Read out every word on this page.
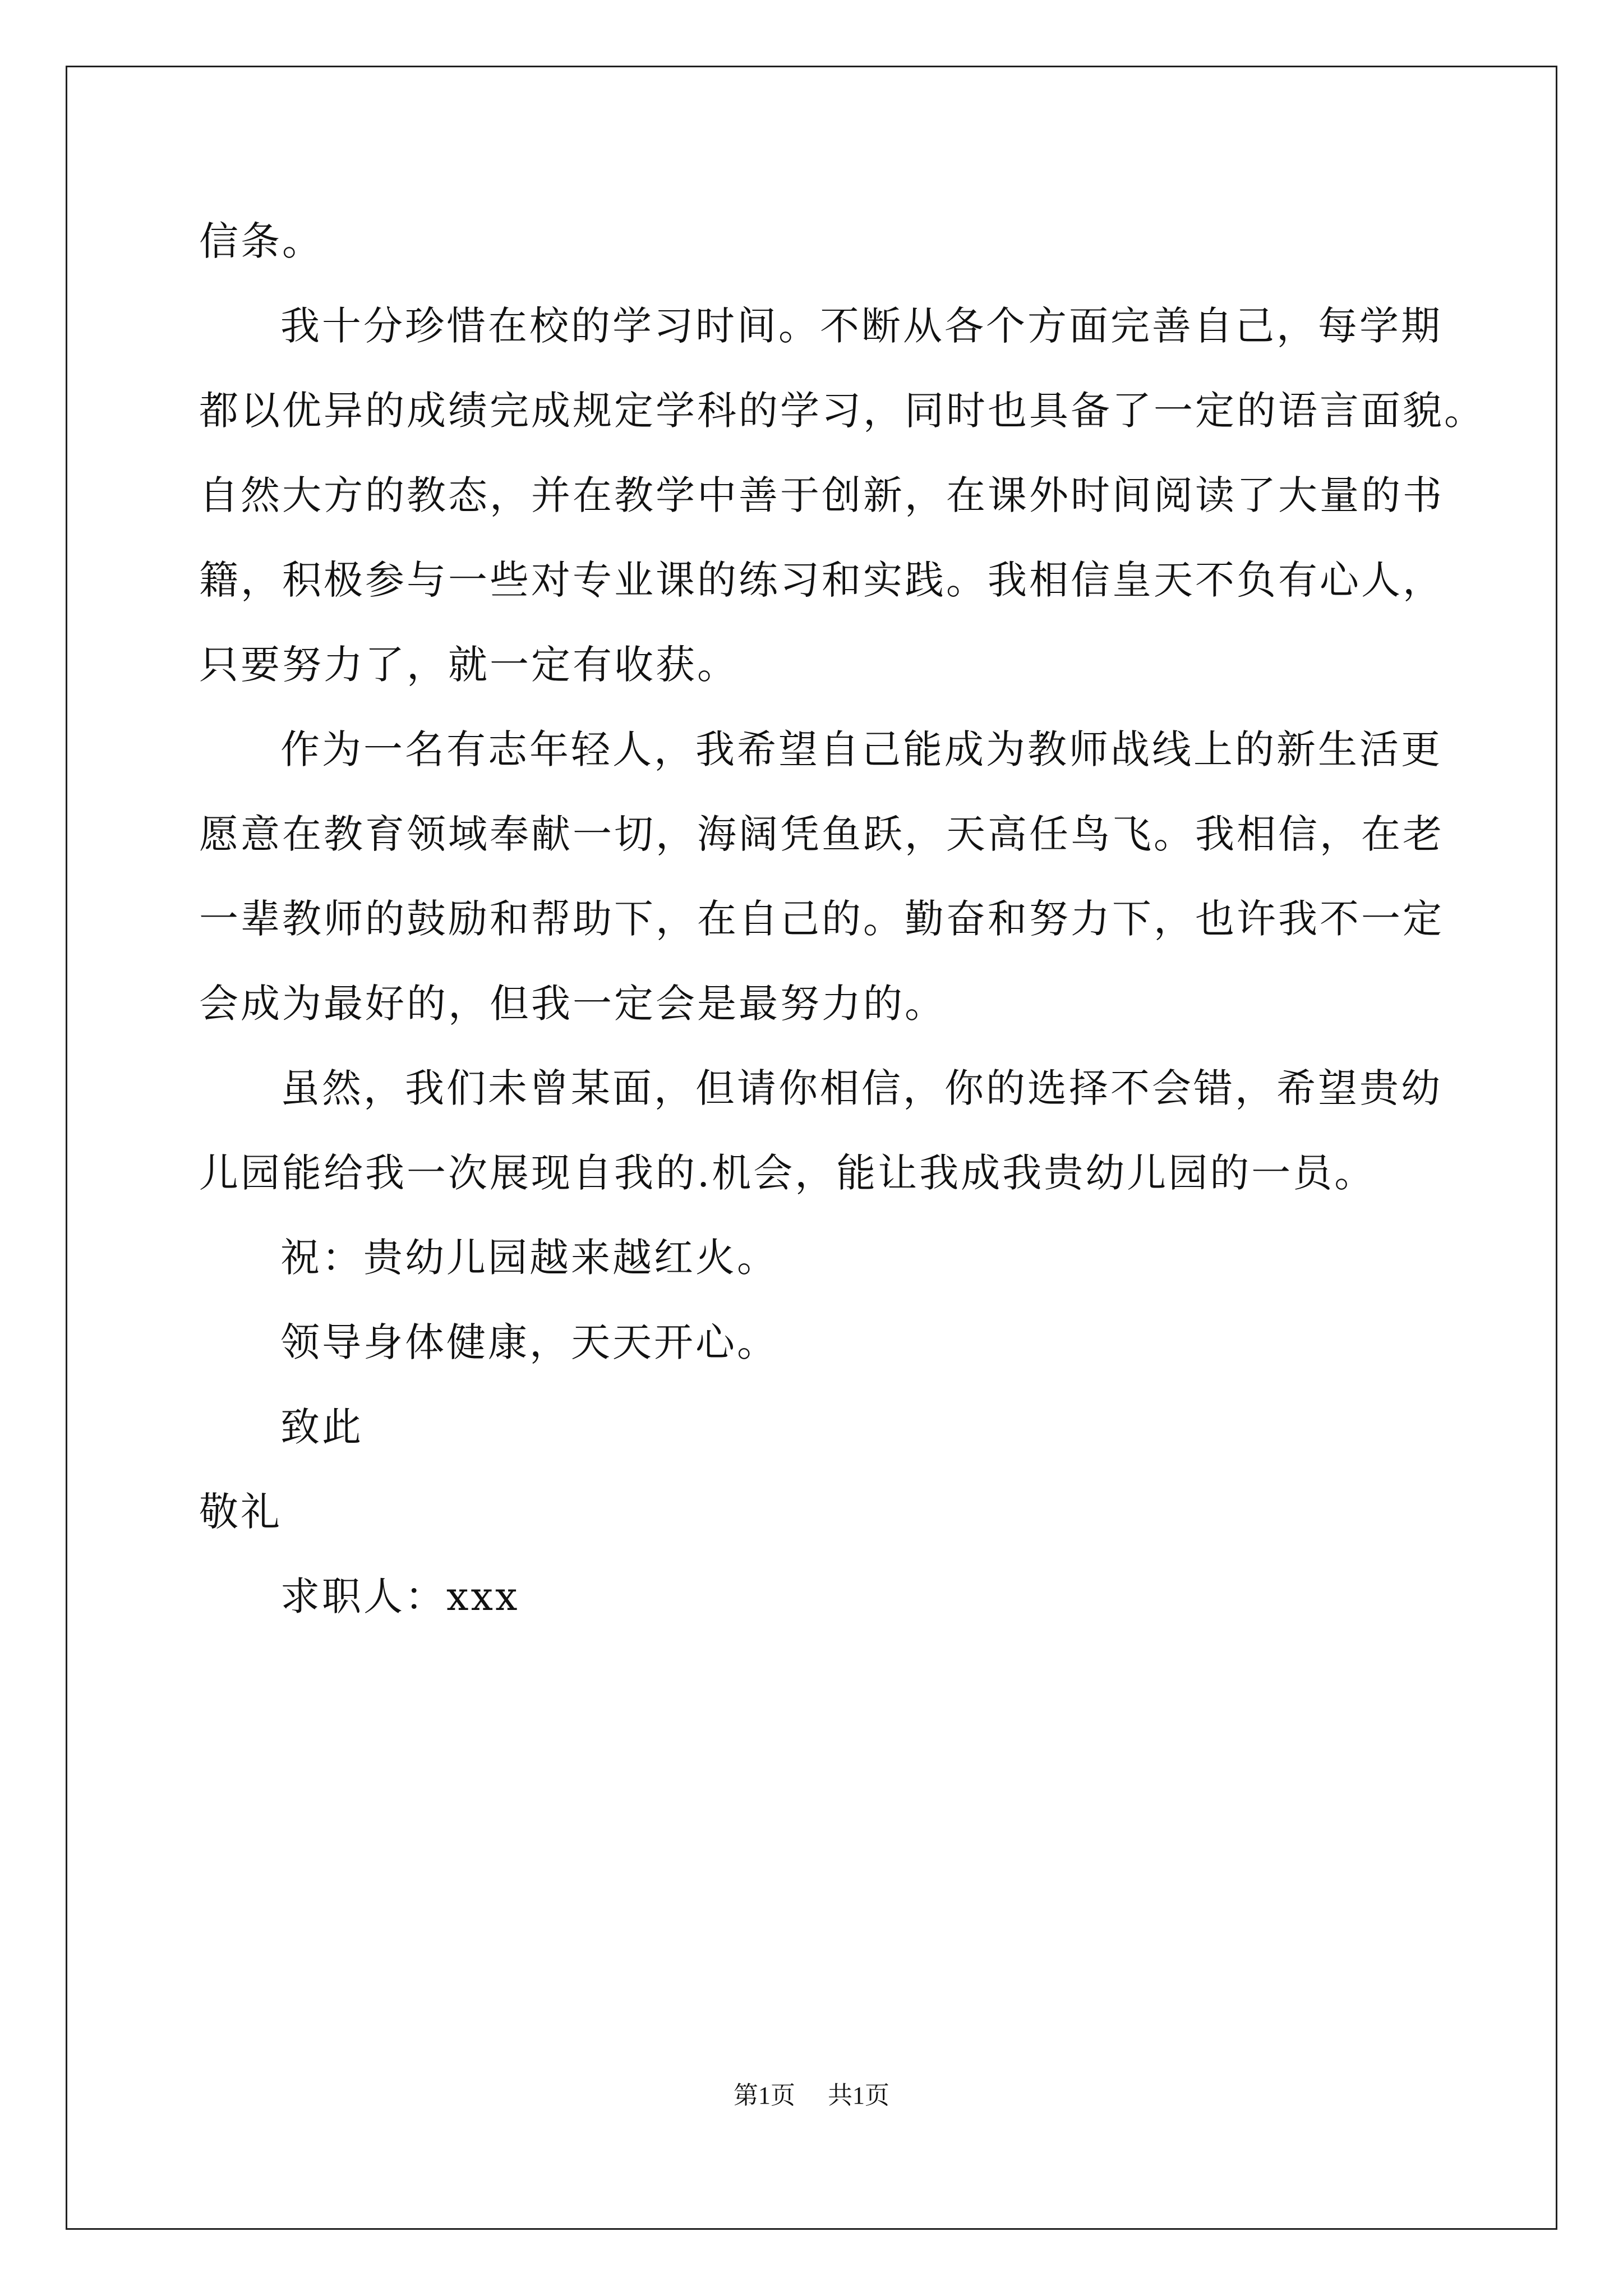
信条。
我十分珍惜在校的学习时间。不断从各个方面完善自己，每学期
都以优异的成绩完成规定学科的学习，同时也具备了一定的语言面貌。
自然大方的教态，并在教学中善于创新，在课外时间阅读了大量的书
籍，积极参与一些对专业课的练习和实践。我相信皇天不负有心人，
只要努力了，就一定有收获。
作为一名有志年轻人，我希望自己能成为教师战线上的新生活更
愿意在教育领域奉献一切，海阔凭鱼跃，天高任鸟飞。我相信，在老
一辈教师的鼓励和帮助下，在自己的。勤奋和努力下，也许我不一定
会成为最好的，但我一定会是最努力的。
虽然，我们未曾某面，但请你相信，你的选择不会错，希望贵幼
儿园能给我一次展现自我的.机会，能让我成我贵幼儿园的一员。
祝：贵幼儿园越来越红火。
领导身体健康，天天开心。
致此
敬礼
求职人：xxx
第1页 共1页
